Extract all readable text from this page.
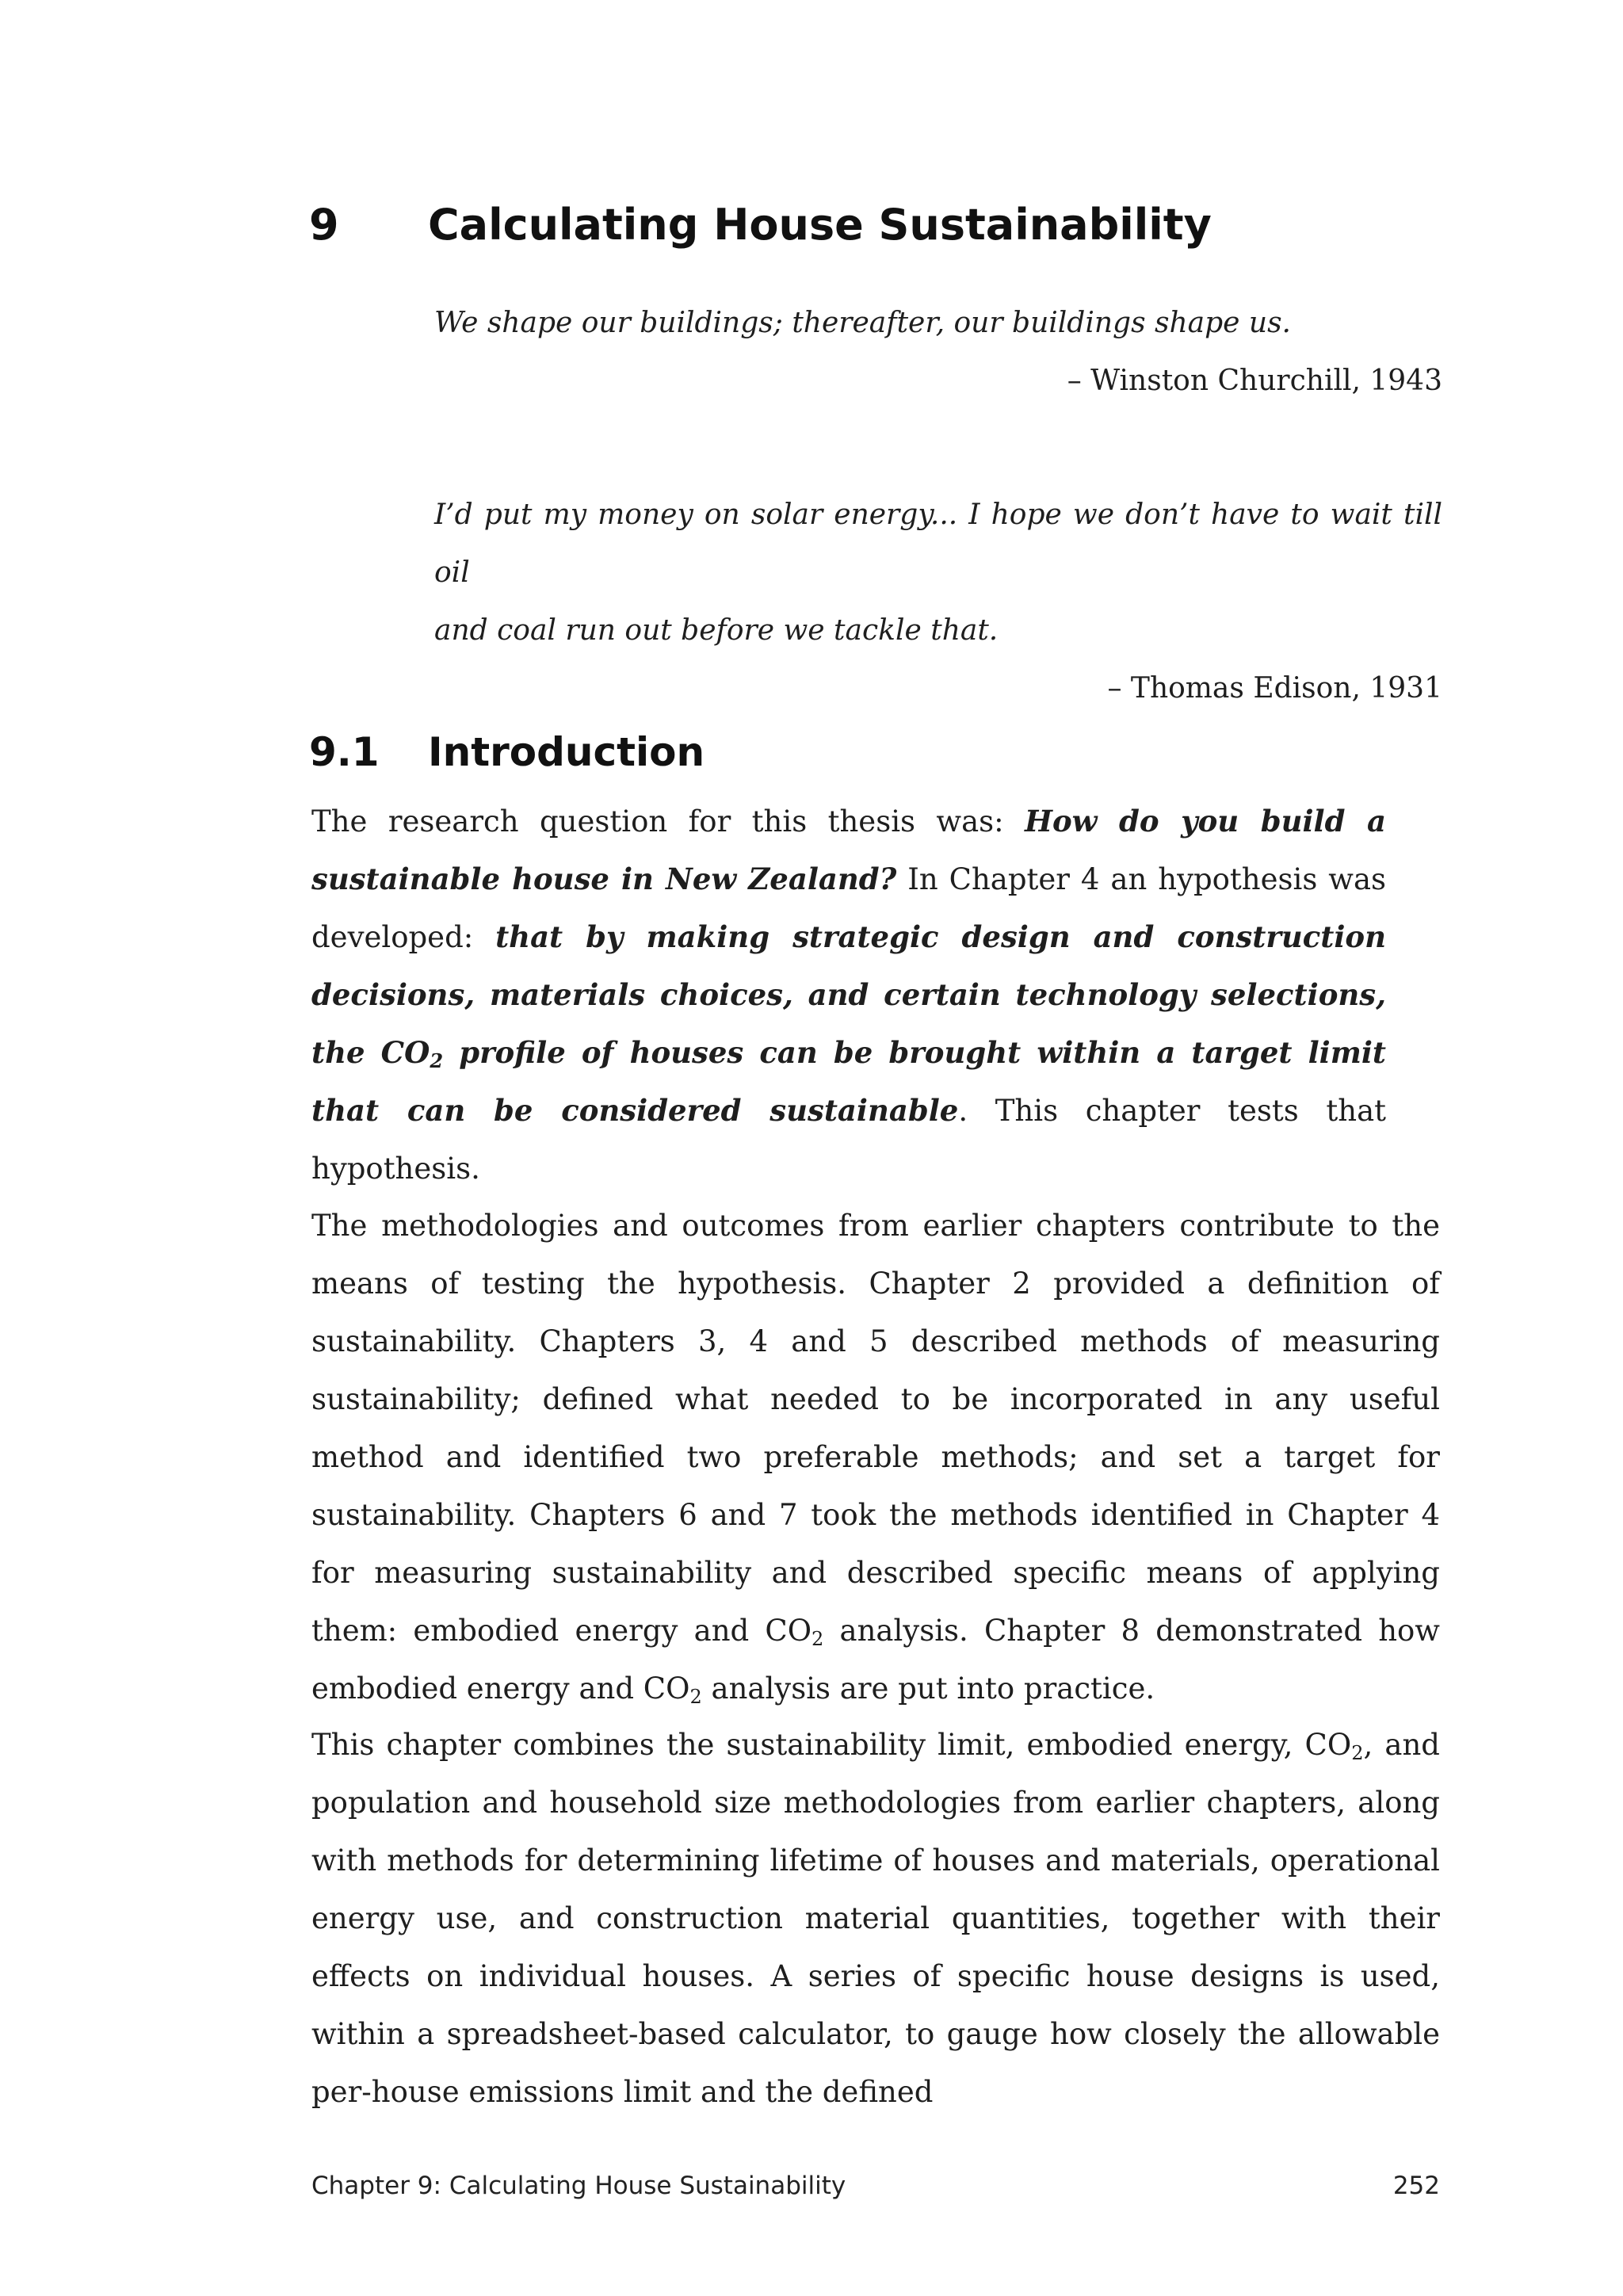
9 Calculating House Sustainability
We shape our buildings; thereafter, our buildings shape us.
– Winston Churchill, 1943
I’d put my money on solar energy... I hope we don’t have to wait till oil
and coal run out before we tackle that.
– Thomas Edison, 1931
9.1 Introduction

The research question for this thesis was: How do you build a sustainable house in New Zealand? In Chapter 4 an hypothesis was developed: that by making strategic design and construction decisions, materials choices, and certain technology selections, the $CO_2$ profile of houses can be brought within a target limit that can be considered sustainable. This chapter tests that hypothesis.

The methodologies and outcomes from earlier chapters contribute to the means of testing the hypothesis. Chapter 2 provided a definition of sustainability. Chapters 3, 4 and 5 described methods of measuring sustainability; defined what needed to be incorporated in any useful method and identified two preferable methods; and set a target for sustainability. Chapters 6 and 7 took the methods identified in Chapter 4 for measuring sustainability and described specific means of applying them: embodied energy and $CO_2$ analysis. Chapter 8 demonstrated how embodied energy and $CO_2$ analysis are put into practice.

This chapter combines the sustainability limit, embodied energy, $CO_2$, and population and household size methodologies from earlier chapters, along with methods for determining lifetime of houses and materials, operational energy use, and construction material quantities, together with their effects on individual houses. A series of specific house designs is used, within a spreadsheet-based calculator, to gauge how closely the allowable per-house emissions limit and the defined

Chapter 9: Calculating House Sustainability	252
